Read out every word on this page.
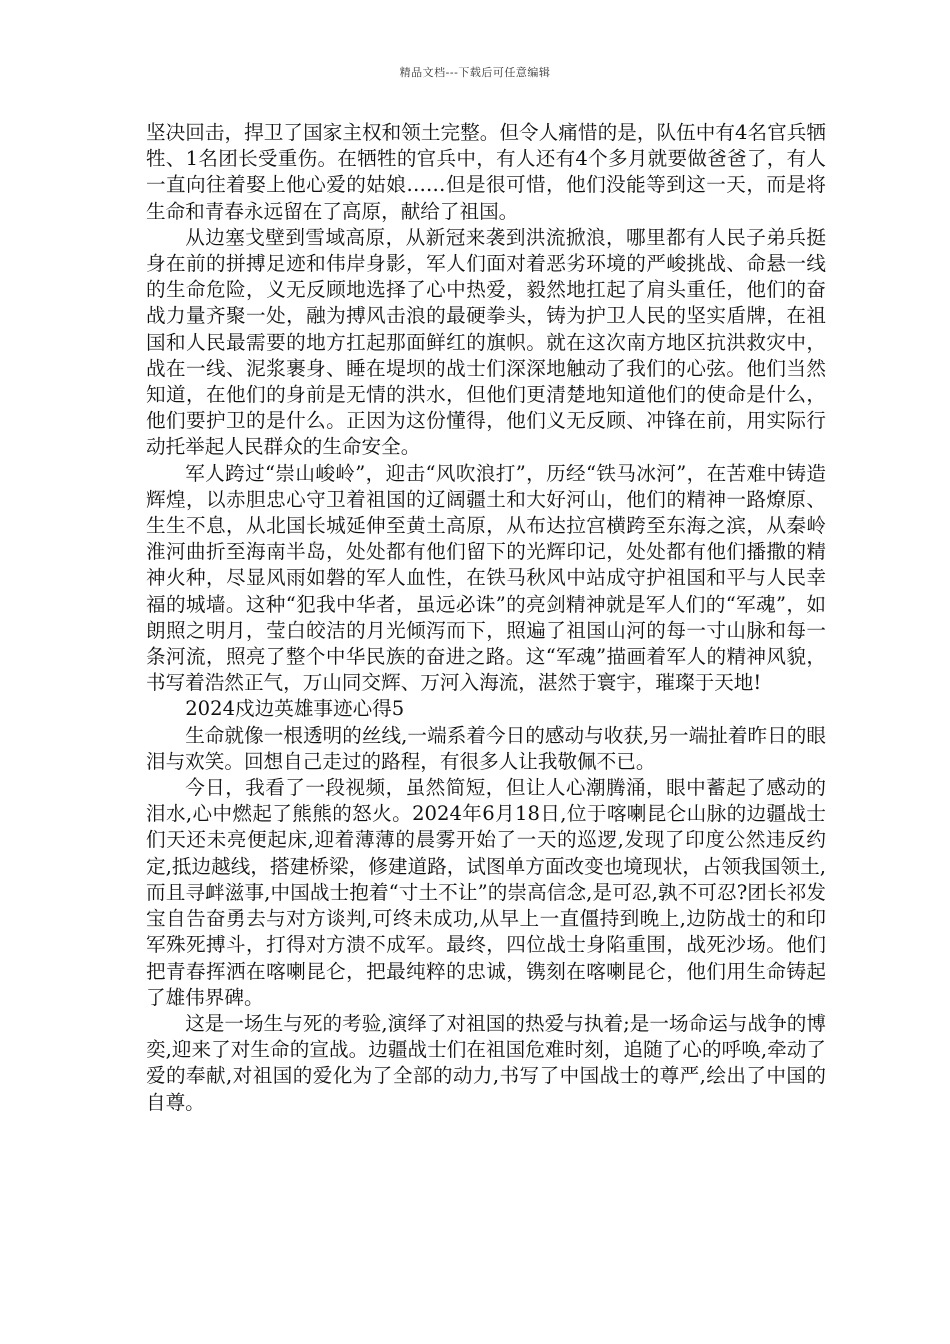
精品文档---下载后可任意编辑

坚决回击，捍卫了国家主权和领土完整。但令人痛惜的是，队伍中有4名官兵牺牲、1名团长受重伤。在牺牲的官兵中，有人还有4个多月就要做爸爸了，有人一直向往着娶上他心爱的姑娘……但是很可惜，他们没能等到这一天，而是将生命和青春永远留在了高原，献给了祖国。

从边塞戈壁到雪域高原，从新冠来袭到洪流掀浪，哪里都有人民子弟兵挺身在前的拼搏足迹和伟岸身影，军人们面对着恶劣环境的严峻挑战、命悬一线的生命危险，义无反顾地选择了心中热爱，毅然地扛起了肩头重任，他们的奋战力量齐聚一处，融为搏风击浪的最硬拳头，铸为护卫人民的坚实盾牌，在祖国和人民最需要的地方扛起那面鲜红的旗帜。就在这次南方地区抗洪救灾中，战在一线、泥浆裹身、睡在堤坝的战士们深深地触动了我们的心弦。他们当然知道，在他们的身前是无情的洪水，但他们更清楚地知道他们的使命是什么，他们要护卫的是什么。正因为这份懂得，他们义无反顾、冲锋在前，用实际行动托举起人民群众的生命安全。

军人跨过“崇山峻岭”，迎击“风吹浪打”，历经“铁马冰河”，在苦难中铸造辉煌，以赤胆忠心守卫着祖国的辽阔疆土和大好河山，他们的精神一路燎原、生生不息，从北国长城延伸至黄土高原，从布达拉宫横跨至东海之滨，从秦岭淮河曲折至海南半岛，处处都有他们留下的光辉印记，处处都有他们播撒的精神火种，尽显风雨如磐的军人血性，在铁马秋风中站成守护祖国和平与人民幸福的城墙。这种“犯我中华者，虽远必诛”的亮剑精神就是军人们的“军魂”，如朗照之明月，莹白皎洁的月光倾泻而下，照遍了祖国山河的每一寸山脉和每一条河流，照亮了整个中华民族的奋进之路。这“军魂”描画着军人的精神风貌，书写着浩然正气，万山同交辉、万河入海流，湛然于寰宇，璀璨于天地!

2024戍边英雄事迹心得5

生命就像一根透明的丝线,一端系着今日的感动与收获,另一端扯着昨日的眼泪与欢笑。回想自己走过的路程，有很多人让我敬佩不已。

今日，我看了一段视频，虽然简短，但让人心潮腾涌，眼中蓄起了感动的泪水,心中燃起了熊熊的怒火。2024年6月18日,位于喀喇昆仑山脉的边疆战士们天还未亮便起床,迎着薄薄的晨雾开始了一天的巡逻,发现了印度公然违反约定,抵边越线，搭建桥梁，修建道路，试图单方面改变也境现状，占领我国领土,而且寻衅滋事,中国战士抱着“寸土不让”的崇高信念,是可忍,孰不可忍?团长祁发宝自告奋勇去与对方谈判,可终未成功,从早上一直僵持到晚上,边防战士的和印军殊死搏斗，打得对方溃不成军。最终，四位战士身陷重围，战死沙场。他们把青春挥洒在喀喇昆仑，把最纯粹的忠诚，镌刻在喀喇昆仑，他们用生命铸起了雄伟界碑。

这是一场生与死的考验,演绎了对祖国的热爱与执着;是一场命运与战争的博奕,迎来了对生命的宣战。边疆战士们在祖国危难时刻，追随了心的呼唤,牵动了爱的奉献,对祖国的爱化为了全部的动力,书写了中国战士的尊严,绘出了中国的自尊。
